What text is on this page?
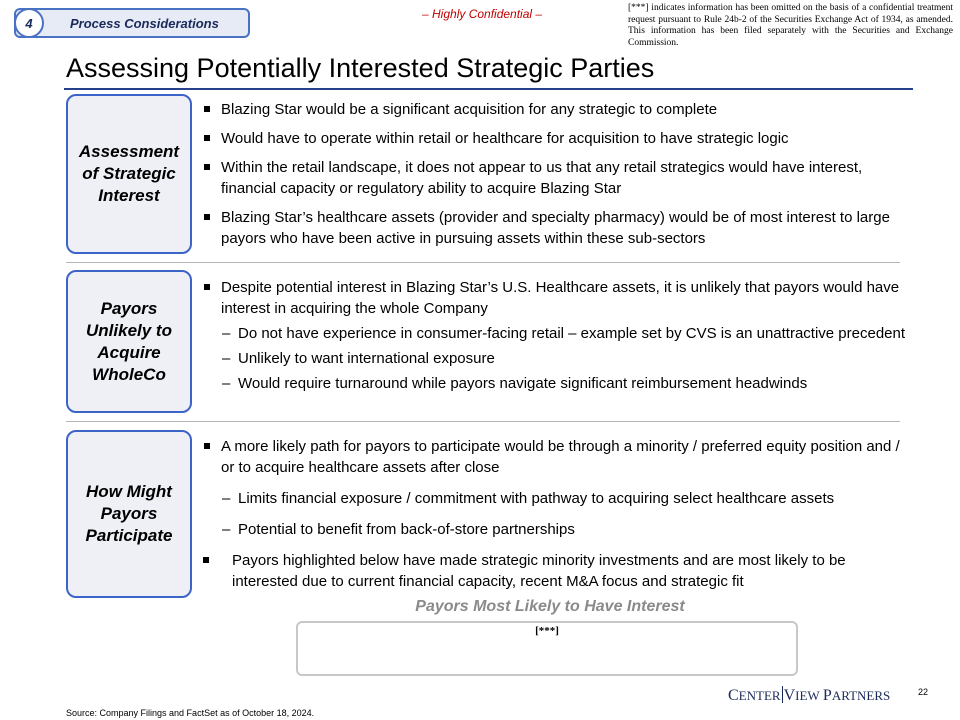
4	Process Considerations
– Highly Confidential –	[***] indicates information has been omitted on the basis of a confidential treatment request pursuant to Rule 24b-2 of the Securities Exchange Act of 1934, as amended. This information has been filed separately with the Securities and Exchange Commission.
Assessing Potentially Interested Strategic Parties
Assessment of Strategic Interest
Blazing Star would be a significant acquisition for any strategic to complete
Would have to operate within retail or healthcare for acquisition to have strategic logic
Within the retail landscape, it does not appear to us that any retail strategics would have interest, financial capacity or regulatory ability to acquire Blazing Star
Blazing Star’s healthcare assets (provider and specialty pharmacy) would be of most interest to large payors who have been active in pursuing assets within these sub-sectors
Payors Unlikely to Acquire WholeCo
Despite potential interest in Blazing Star’s U.S. Healthcare assets, it is unlikely that payors would have interest in acquiring the whole Company
– Do not have experience in consumer-facing retail – example set by CVS is an unattractive precedent
– Unlikely to want international exposure
– Would require turnaround while payors navigate significant reimbursement headwinds
How Might Payors Participate
A more likely path for payors to participate would be through a minority / preferred equity position and / or to acquire healthcare assets after close
– Limits financial exposure / commitment with pathway to acquiring select healthcare assets
– Potential to benefit from back-of-store partnerships
Payors highlighted below have made strategic minority investments and are most likely to be interested due to current financial capacity, recent M&A focus and strategic fit
Payors Most Likely to Have Interest
[***]
Source: Company Filings and FactSet as of October 18, 2024.
CENTER VIEW PARTNERS	22
